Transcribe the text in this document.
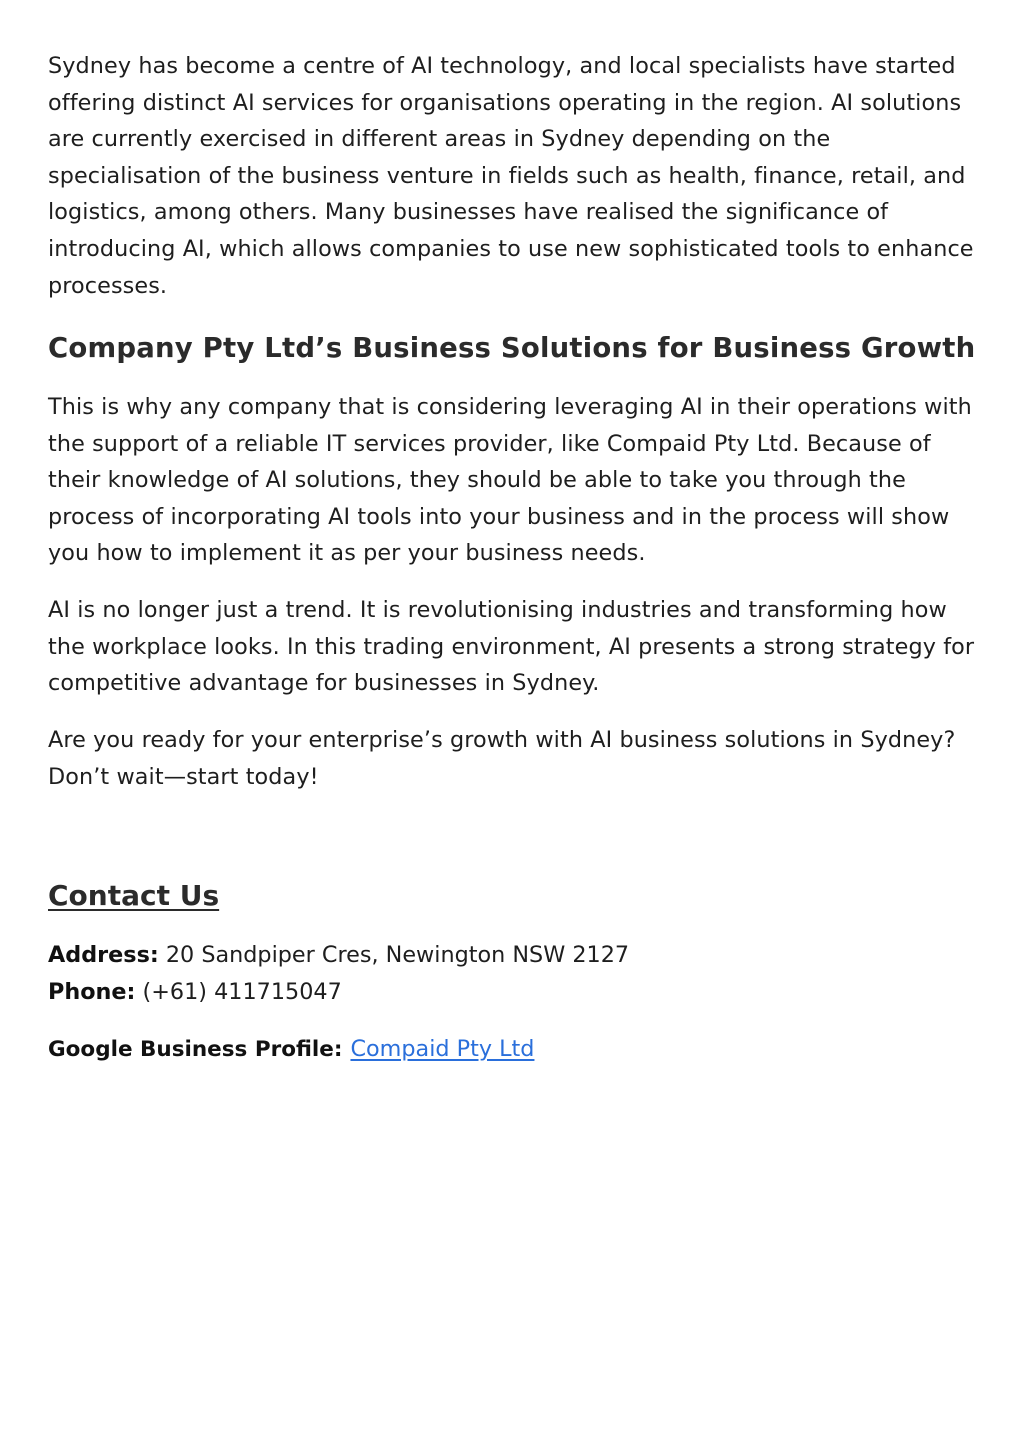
Sydney has become a centre of AI technology, and local specialists have started offering distinct AI services for organisations operating in the region. AI solutions are currently exercised in different areas in Sydney depending on the specialisation of the business venture in fields such as health, finance, retail, and logistics, among others. Many businesses have realised the significance of introducing AI, which allows companies to use new sophisticated tools to enhance processes.

Company Pty Ltd’s Business Solutions for Business Growth

This is why any company that is considering leveraging AI in their operations with the support of a reliable IT services provider, like Compaid Pty Ltd. Because of their knowledge of AI solutions, they should be able to take you through the process of incorporating AI tools into your business and in the process will show you how to implement it as per your business needs.

AI is no longer just a trend. It is revolutionising industries and transforming how the workplace looks. In this trading environment, AI presents a strong strategy for competitive advantage for businesses in Sydney.

Are you ready for your enterprise’s growth with AI business solutions in Sydney? Don’t wait—start today!

Contact Us

Address: 20 Sandpiper Cres, Newington NSW 2127

Phone: (+61) 411715047

Google Business Profile: Compaid Pty Ltd
